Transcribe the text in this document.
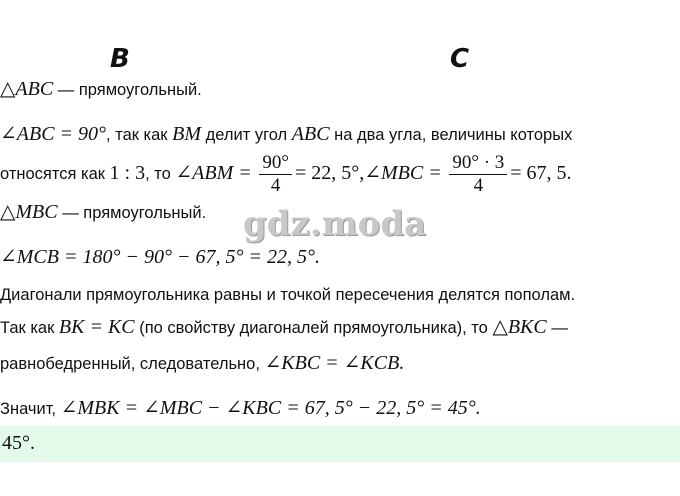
B	C
△ABC — прямоугольный.
∠ABC = 90°, так как BM делит угол ABC на два угла, величины которых
относятся как 1 : 3, то ∠ABM = $\frac{90^\circ}{4} = 22$, 5°,∠MBC = $\frac{90^\circ \cdot 3}{4} = 67$, 5.
△MBC — прямоугольный. gdz.moda
∠MCB = 180° − 90° − 67, 5° = 22, 5°.
Диагонали прямоугольника равны и точкой пересечения делятся пополам.
Так как BK = KC (по свойству диагоналей прямоугольника), то △BKC —
равнобедренный, следовательно, ∠KBC = ∠KCB.
Значит, ∠MBK = ∠MBC − ∠KBC = 67, 5° − 22, 5° = 45°.
45°.
